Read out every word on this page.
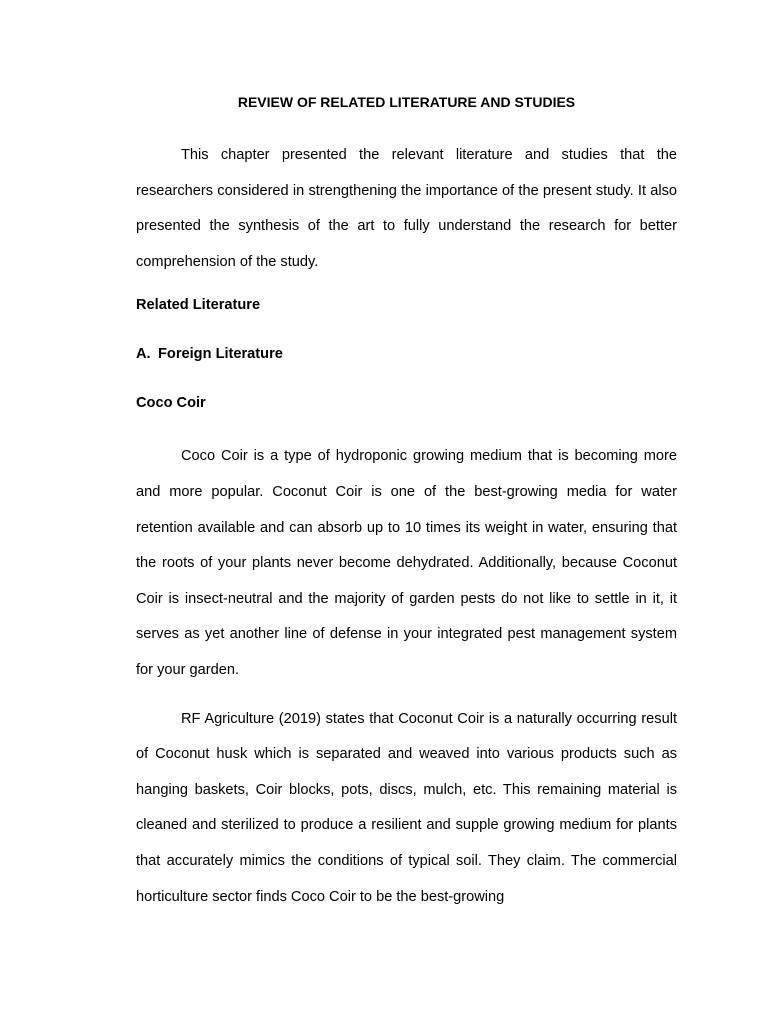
REVIEW OF RELATED LITERATURE AND STUDIES

This chapter presented the relevant literature and studies that the researchers considered in strengthening the importance of the present study. It also presented the synthesis of the art to fully understand the research for better comprehension of the study.

Related Literature
A. Foreign Literature
Coco Coir

Coco Coir is a type of hydroponic growing medium that is becoming more and more popular. Coconut Coir is one of the best-growing media for water retention available and can absorb up to 10 times its weight in water, ensuring that the roots of your plants never become dehydrated. Additionally, because Coconut Coir is insect-neutral and the majority of garden pests do not like to settle in it, it serves as yet another line of defense in your integrated pest management system for your garden.

RF Agriculture (2019) states that Coconut Coir is a naturally occurring result of Coconut husk which is separated and weaved into various products such as hanging baskets, Coir blocks, pots, discs, mulch, etc. This remaining material is cleaned and sterilized to produce a resilient and supple growing medium for plants that accurately mimics the conditions of typical soil. They claim. The commercial horticulture sector finds Coco Coir to be the best-growing
